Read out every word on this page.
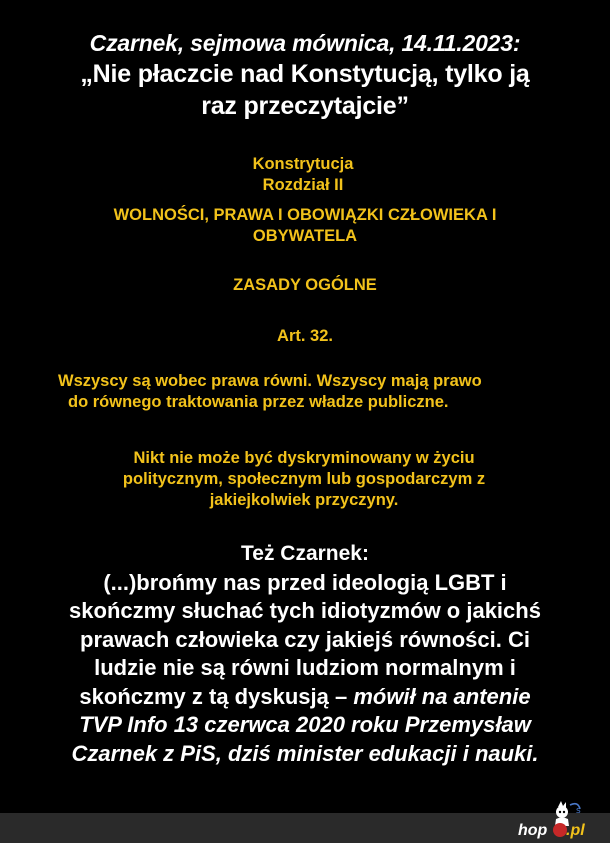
Czarnek, sejmowa mównica, 14.11.2023:
„Nie płaczcie nad Konstytucją, tylko ją
raz przeczytajcie”
Konstrytucja
Rozdział II
WOLNOŚCI, PRAWA I OBOWIĄZKI CZŁOWIEKA I
OBYWATELA
ZASADY OGÓLNE
Art. 32.
Wszyscy są wobec prawa równi. Wszyscy mają prawo
do równego traktowania przez władze publiczne.
Nikt nie może być dyskryminowany w życiu
politycznym, społecznym lub gospodarczym z
jakiejkolwiek przyczyny.
Też Czarnek:
(...)brońmy nas przed ideologią LGBT i
skończmy słuchać tych idiotyzmów o jakichś
prawach człowieka czy jakiejś równości. Ci
ludzie nie są równi ludziom normalnym i
skończmy z tą dyskusją – mówił na antenie
TVP Info 13 czerwca 2020 roku Przemysław
Czarnek z PiS, dziś minister edukacji i nauki.
s
hop .pl
